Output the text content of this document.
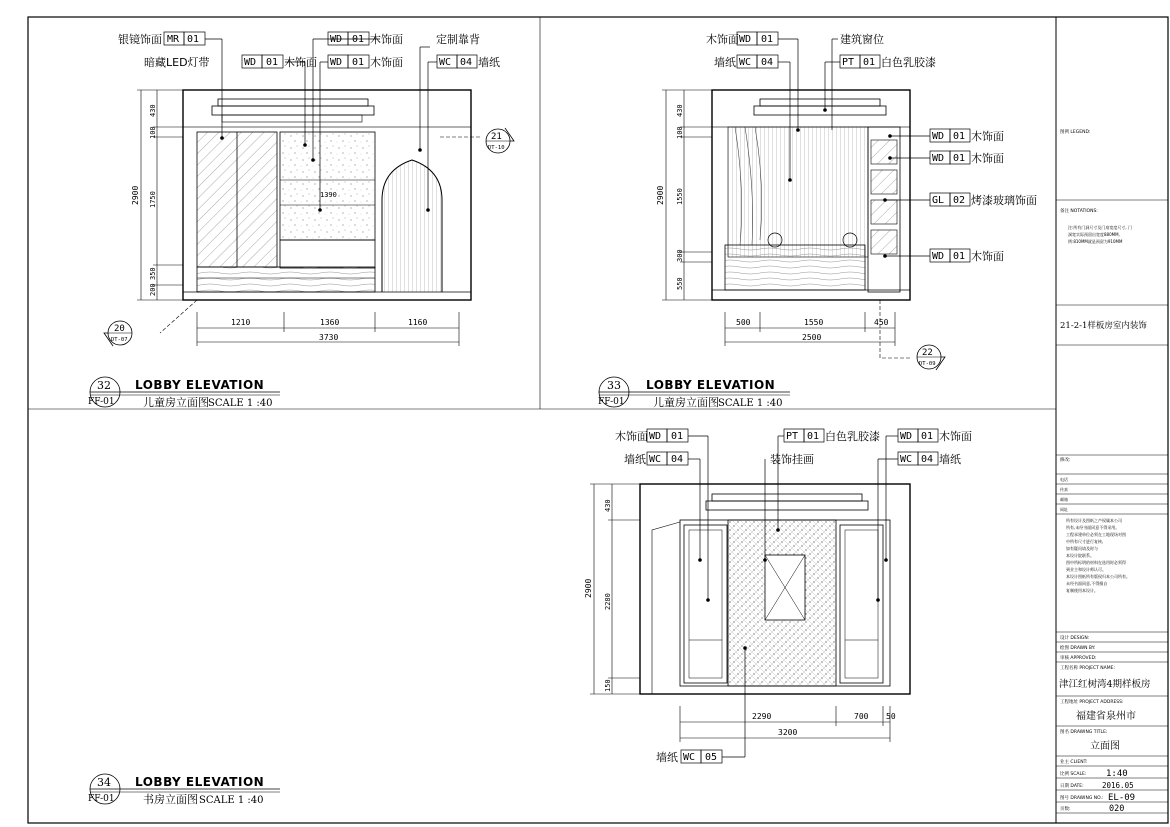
银镜饰面 MR 01
暗藏LED灯带	WD 01 木饰面
WD 01 木饰面
WD 01 木饰面
定制靠背
WC 04 墙纸
2900
430
100
1750
350
200
1390
1210	1360	1160
3730
21
DT-10
20
DT-07
32
FF-01
LOBBY ELEVATION
儿童房立面图 SCALE 1 :40
木饰面 WD 01	建筑窗位
墙纸 WC 04	PT 01 白色乳胶漆
WD 01 木饰面
WD 01 木饰面
GL 02 烤漆玻璃饰面
WD 01 木饰面
2900
430
100
1550
300
550
500	1550	450
2500
22
DT-09
33
FF-01
LOBBY ELEVATION
儿童房立面图 SCALE 1 :40
木饰面 WD 01
墙纸 WC 04
PT 01 白色乳胶漆
装饰挂画
WD 01 木饰面
WC 04 墙纸
墙纸 WC 05
2900
430
2280
150
2290	700 50
3200
34
FF-01
LOBBY ELEVATION
书房立面图 SCALE 1 :40
图例 LEGEND:
备注 NOTATIONS:
注:所有门洞尺寸及门扇宽度尺寸, 门
洞宽实际预留出宽度880MM,
例:810MM就是预留为910MM
21-2-1样板房室内装饰
修改:
电话
传真
邮箱
网址
所有设计及图纸之产权属本公司
所有,未经书面同意不得采用。
工程承建单位必须在工地现场对图
中所有尺寸进行复核,
如有疑问请及时与
本设计院联系。
图中所标明的材料在选用时必须得
到业主和设计师认可。
本设计图纸所有版权归本公司所有。
未经书面同意,不得擅自
复制使用本设计。
设计 DESIGN:
绘图 DRAWN BY:
审核 APPROVED:
工程名称 PROJECT NAME:
津江红树湾4期样板房
工程地址 PROJECT ADDRESS:
福建省泉州市
图名 DRAWING TITLE:
立面图
业主 CLIENT:
比例 SCALE: 1:40
日期 DATE: 2016.05
图号 DRAWING NO.: EL-09
页数:	020
